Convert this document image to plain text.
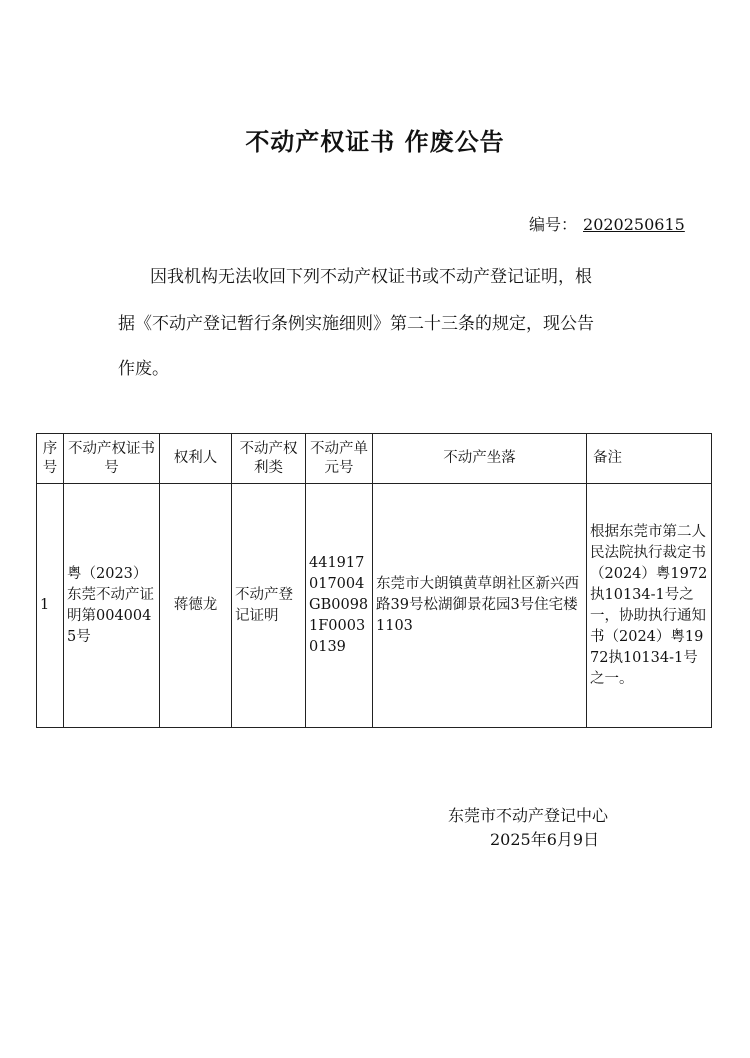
不动产权证书 作废公告
编号： 2020250615
因我机构无法收回下列不动产权证书或不动产登记证明，根
据《不动产登记暂行条例实施细则》第二十三条的规定，现公告
作废。
序号	不动产权证书号	权利人	不动产权利类	不动产单元号	不动产坐落	备注
1	粤（2023）东莞不动产证明第0040045号	蒋德龙	不动产登记证明	441917017004GB00981F00030139	东莞市大朗镇黄草朗社区新兴西路39号松湖御景花园3号住宅楼1103	根据东莞市第二人民法院执行裁定书（2024）粤1972执10134-1号之一，协助执行通知书（2024）粤1972执10134-1号之一。
东莞市不动产登记中心
2025年6月9日
